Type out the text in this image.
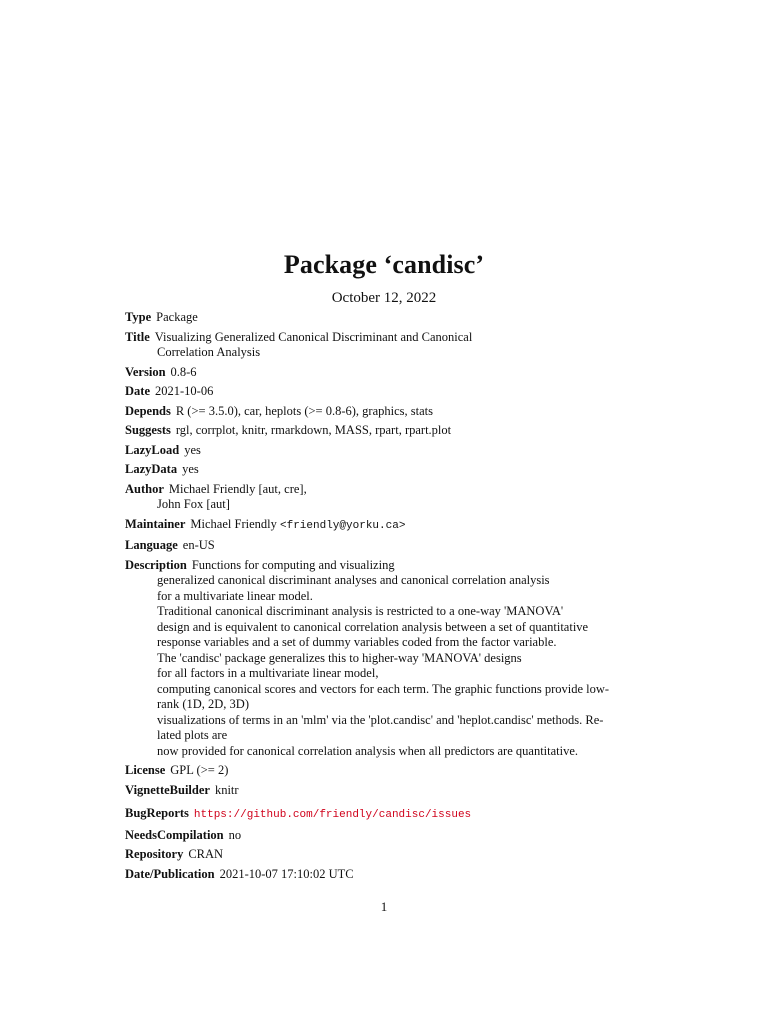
Package ‘candisc’
October 12, 2022
Type Package
Title Visualizing Generalized Canonical Discriminant and Canonical
Correlation Analysis
Version 0.8-6
Date 2021-10-06
Depends R (>= 3.5.0), car, heplots (>= 0.8-6), graphics, stats
Suggests rgl, corrplot, knitr, rmarkdown, MASS, rpart, rpart.plot
LazyLoad yes
LazyData yes
Author Michael Friendly [aut, cre],
John Fox [aut]
Maintainer Michael Friendly <friendly@yorku.ca>
Language en-US
Description Functions for computing and visualizing
generalized canonical discriminant analyses and canonical correlation analysis
for a multivariate linear model.
Traditional canonical discriminant analysis is restricted to a one-way 'MANOVA'
design and is equivalent to canonical correlation analysis between a set of quantitative
response variables and a set of dummy variables coded from the factor variable.
The 'candisc' package generalizes this to higher-way 'MANOVA' designs
for all factors in a multivariate linear model,
computing canonical scores and vectors for each term. The graphic functions provide low-
rank (1D, 2D, 3D)
visualizations of terms in an 'mlm' via the 'plot.candisc' and 'heplot.candisc' methods. Re-
lated plots are
now provided for canonical correlation analysis when all predictors are quantitative.
License GPL (>= 2)
VignetteBuilder knitr
BugReports https://github.com/friendly/candisc/issues
NeedsCompilation no
Repository CRAN
Date/Publication 2021-10-07 17:10:02 UTC
1
